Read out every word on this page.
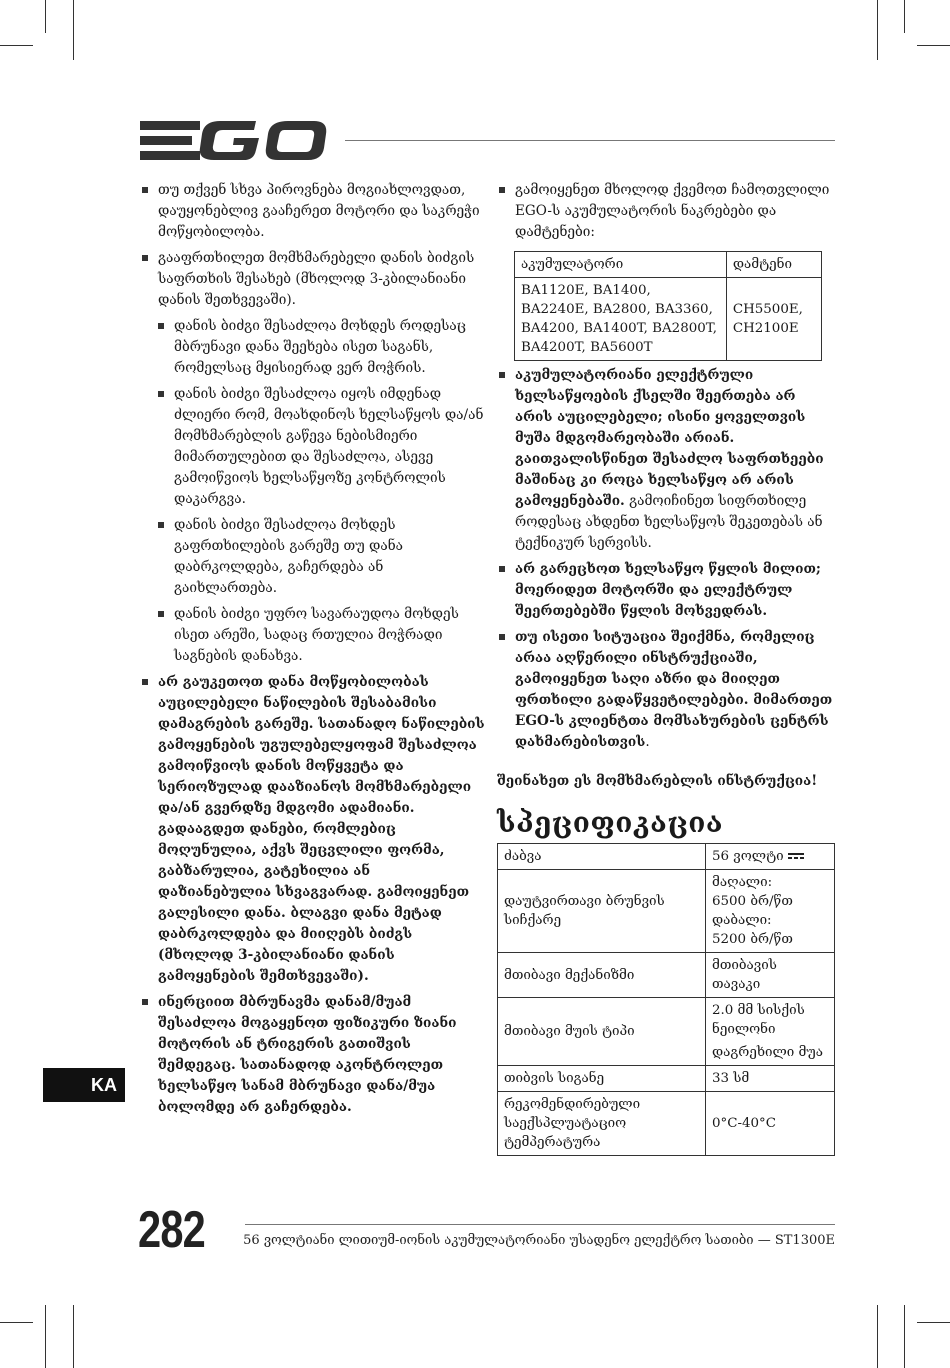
თუ თქვენ სხვა პიროვნება მოგიახლოვდათ, დაუყონებლივ გააჩერეთ მოტორი და საკრეჭი მოწყობილობა.
გააფრთხილეთ მომხმარებელი დანის ბიძგის საფრთხის შესახებ (მხოლოდ 3-კბილანიანი დანის შეთხვევაში).
დანის ბიძგი შესაძლოა მოხდეს როდესაც მბრუნავი დანა შეეხება ისეთ საგანს, რომელსაც მყისიერად ვერ მოჭრის.
დანის ბიძგი შესაძლოა იყოს იმდენად ძლიერი რომ, მოახდინოს ხელსაწყოს და/ან მომხმარებლის გაწევა ნებისმიერი მიმართულებით და შესაძლოა, ასევე გამოიწვიოს ხელსაწყოზე კონტროლის დაკარგვა.
დანის ბიძგი შესაძლოა მოხდეს გაფრთხილების გარეშე თუ დანა დაბრკოლდება, გაჩერდება ან გაიხლართება.
დანის ბიძგი უფრო სავარაუდოა მოხდეს ისეთ არეში, სადაც რთულია მოჭრადი საგნების დანახვა.
არ გაუკეთოთ დანა მოწყობილობას აუცილებელი ნაწილების შესაბამისი დამაგრების გარეშე. სათანადო ნაწილების გამოყენების უგულებელყოფამ შესაძლოა გამოიწვიოს დანის მოწყვეტა და სერიოზულად დააზიანოს მომხმარებელი და/ან გვერდზე მდგომი ადამიანი. გადააგდეთ დანები, რომლებიც მოღუნულია, აქვს შეცვლილი ფორმა, გაბზარულია, გატეხილია ან დაზიანებულია სხვაგვარად. გამოიყენეთ გალესილი დანა. ბლაგვი დანა მეტად დაბრკოლდება და მიიღებს ბიძგს (მხოლოდ 3-კბილანიანი დანის გამოყენების შემთხვევაში).
ინერციით მბრუნავმა დანამ/მუამ შესაძლოა მოგაყენოთ ფიზიკური ზიანი მოტორის ან ტრიგერის გათიშვის შემდეგაც. სათანადოდ აკონტროლეთ ხელსაწყო სანამ მბრუნავი დანა/მუა ბოლომდე არ გაჩერდება.
გამოიყენეთ მხოლოდ ქვემოთ ჩამოთვლილი EGO-ს აკუმულატორის ნაკრებები და დამტენები:
აკუმულატორი	დამტენი
BA1120E, BA1400, BA2240E, BA2800, BA3360, BA4200, BA1400T, BA2800T, BA4200T, BA5600T	CH5500E, CH2100E
აკუმულატორიანი ელექტრული ხელსაწყოების ქსელში შეერთება არ არის აუცილებელი; ისინი ყოველთვის მუშა მდგომარეობაში არიან. გაითვალისწინეთ შესაძლო საფრთხეები მაშინაც კი როცა ხელსაწყო არ არის გამოყენებაში. გამოიჩინეთ სიფრთხილე როდესაც ახდენთ ხელსაწყოს შეკეთებას ან ტექნიკურ სერვისს.
არ გარეცხოთ ხელსაწყო წყლის მილით; მოერიდეთ მოტორში და ელექტრულ შეერთებებში წყლის მოხვედრას.
თუ ისეთი სიტუაცია შეიქმნა, რომელიც არაა აღწერილი ინსტრუქციაში, გამოიყენეთ საღი აზრი და მიიღეთ ფრთხილი გადაწყვეტილებები. მიმართეთ EGO-ს კლიენტთა მომსახურების ცენტრს დახმარებისთვის.
შეინახეთ ეს მომხმარებლის ინსტრუქცია!
სპეციფიკაცია
ძაბვა	56 ვოლტი
დაუტვირთავი ბრუნვის სიჩქარე	მაღალი:
6500 ბრ/წთ
დაბალი:
5200 ბრ/წთ

მთიბავი მექანიზმი	მთიბავის თავაკი
მთიბავი მუის ტიპი	2.0 მმ სისქის ნეილონი
დაგრეხილი მუა

თიბვის სიგანე	33 სმ
რეკომენდირებული საექსპლუატაციო ტემპერატურა	0°C-40°C
KA
282	56 ვოლტიანი ლითიუმ-იონის აკუმულატორიანი უსადენო ელექტრო სათიბი — ST1300E
